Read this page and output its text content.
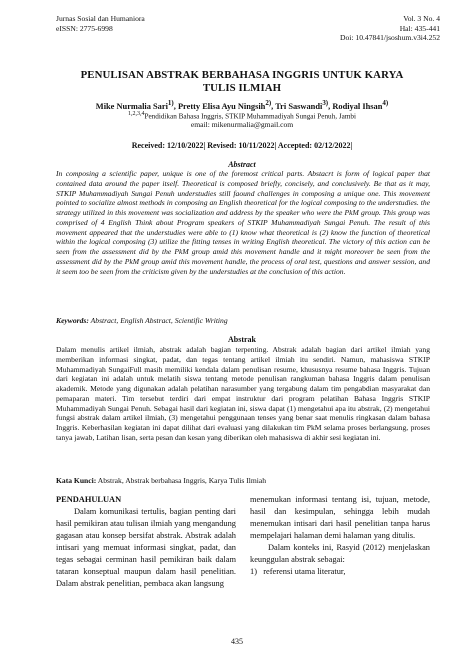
Jurnas Sosial dan Humaniora
eISSN: 2775-6998
Vol. 3 No. 4
Hal: 435-441
Doi: 10.47841/jsoshum.v3i4.252
PENULISAN ABSTRAK BERBAHASA INGGRIS UNTUK KARYA
TULIS ILMIAH
Mike Nurmalia Sari$^{1)}$, Pretty Elisa Ayu Ningsih$^{2)}$, Tri Saswandi$^{3)}$, Rodiyal Ihsan$^{4)}$
$^{1,2,3,4}$Pendidikan Bahasa Inggris, STKIP Muhammadiyah Sungai Penuh, Jambi
email: mikenurmalia@gmail.com
Received: 12/10/2022| Revised: 10/11/2022| Accepted: 02/12/2022|
Abstract
In composing a scientific paper, unique is one of the foremost critical parts. Abstacrt is form of logical paper that contained data around the paper itself. Theoretical is composed briefly, concisely, and conclusively. Be that as it may, STKIP Muhammadiyah Sungai Penuh understudies still faound challenges in composing a unique one. This movement pointed to socialize almost methods in composing an English theoretical for the logical composing to the understudies. the strategy utilized in this movement was socialization and address by the speaker who were the PkM group. This group was comprised of 4 English Think about Program speakers of STKIP Muhammadiyah Sungai Penuh. The result of this movement appeared that the understudies were able to (1) know what theoretical is (2) know the function of theoretical within the logical composing (3) utilize the fitting tenses in writing English theoretical. The victory of this action can be seen from the assessment did by the PkM group amid this movement handle and it might moreover be seen from the assessment did by the PkM group amid this movement handle, the process of oral test, questions and answer session, and it seem too be seen from the criticism given by the understudies at the conclusion of this action.
Keywords: Abstract, English Abstract, Scientific Writing
Abstrak
Dalam menulis artikel ilmiah, abstrak adalah bagian terpenting. Abstrak adalah bagian dari artikel ilmiah yang memberikan informasi singkat, padat, dan tegas tentang artikel ilmiah itu sendiri. Namun, mahasiswa STKIP Muhammadiyah SungaiFull masih memiliki kendala dalam penulisan resume, khususnya resume bahasa Inggris. Tujuan dari kegiatan ini adalah untuk melatih siswa tentang metode penulisan rangkuman bahasa Inggris dalam penulisan akademik. Metode yang digunakan adalah pelatihan narasumber yang tergabung dalam tim pengabdian masyarakat dan pemaparan materi. Tim tersebut terdiri dari empat instruktur dari program pelatihan Bahasa Inggris STKIP Muhammadiyah Sungai Penuh. Sebagai hasil dari kegiatan ini, siswa dapat (1) mengetahui apa itu abstrak, (2) mengetahui fungsi abstrak dalam artikel ilmiah, (3) mengetahui penggunaan tenses yang benar saat menulis ringkasan dalam bahasa Inggris. Keberhasilan kegiatan ini dapat dilihat dari evaluasi yang dilakukan tim PkM selama proses berlangsung, proses tanya jawab, Latihan lisan, serta pesan dan kesan yang diberikan oleh mahasiswa di akhir sesi kegiatan ini.
Kata Kunci: Abstrak, Abstrak berbahasa Inggris, Karya Tulis Ilmiah
PENDAHULUAN

Dalam komunikasi tertulis, bagian penting dari hasil pemikiran atau tulisan ilmiah yang mengandung gagasan atau konsep bersifat abstrak. Abstrak adalah intisari yang memuat informasi singkat, padat, dan tegas sebagai cerminan hasil pemikiran baik dalam tataran konseptual maupun dalam hasil penelitian. Dalam abstrak penelitian, pembaca akan langsung

menemukan informasi tentang isi, tujuan, metode, hasil dan kesimpulan, sehingga lebih mudah menemukan intisari dari hasil penelitian tanpa harus mempelajari halaman demi halaman yang ditulis.

Dalam konteks ini, Rasyid (2012) menjelaskan keunggulan abstrak sebagai:

1)   referensi utama literatur,
435
